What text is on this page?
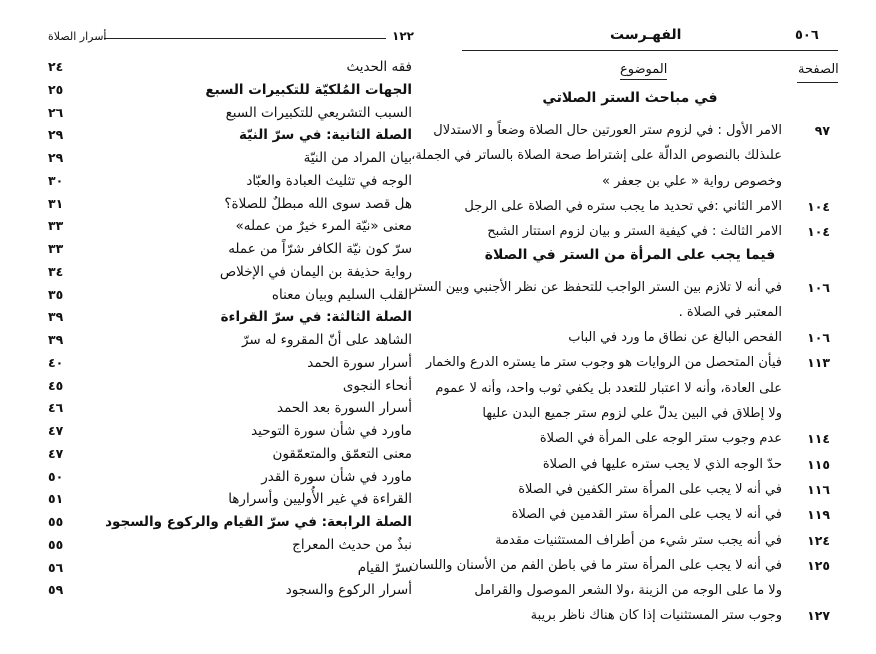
١٢٢
أسرار الصلاة
فقه الحديث
٢٤
الجهات المُلكيّة للتكبيرات السبع
٢٥
السبب التشريعي للتكبيرات السبع
٢٦
الصلة الثانية: في سرّ النيّة
٢٩
بيان المراد من النيّة
٢٩
الوجه في تثليث العبادة والعبّاد
٣٠
هل قصد سوى الله مبطلٌ للصلاة؟
٣١
معنى «نيّة المرء خيرٌ من عمله»
٣٣
سرّ كون نيّة الكافر شرّاً من عمله
٣٣
رواية حذيفة بن اليمان في الإخلاص
٣٤
القلب السليم وبيان معناه
٣٥
الصلة الثالثة: في سرّ القراءة
٣٩
الشاهد على أنّ المقروء له سرّ
٣٩
أسرار سورة الحمد
٤٠
أنحاء النجوى
٤٥
أسرار السورة بعد الحمد
٤٦
ماورد في شأن سورة التوحيد
٤٧
معنى التعمّق والمتعمّقون
٤٧
ماورد في شأن سورة القدر
٥٠
القراءة في غير الأُوليين وأسرارها
٥١
الصلة الرابعة: في سرّ القيام والركوع والسجود
٥٥
نبذٌ من حديث المعراج
٥٥
سرّ القيام
٥٦
أسرار الركوع والسجود
٥٩
٥٠٦
الفهـرست
الصفحة
الموضوع
في مباحث الستر الصلاتي
٩٧
الامر الأول : في لزوم ستر العورتين حال الصلاة وضعاً و الاستدلال
علىذلك بالنصوص الدالّة على إشتراط صحة الصلاة بالساتر في الجملة،
وخصوص رواية « علي بن جعفر »
١٠٤
الامر الثاني :في تحديد ما يجب ستره في الصلاة على الرجل
١٠٤
الامر الثالث : في كيفية الستر و بيان لزوم استتار الشبح
فيما يجب على المرأة من الستر في الصلاة
١٠٦
في أنه لا تلازم بين الستر الواجب للتحفظ عن نظر الأجنبي وبين الستر
المعتبر في الصلاة .
١٠٦
الفحص البالغ عن نطاق ما ورد في الباب
١١٣
فيأن المتحصل من الروايات هو وجوب ستر ما يستره الدرع والخمار
على العادة، وأنه لا اعتبار للتعدد بل يكفي ثوب واحد، وأنه لا عموم
ولا إطلاق في البين يدلّ علي لزوم ستر جميع البدن عليها
١١٤
عدم وجوب ستر الوجه على المرأة في الصلاة
١١٥
حدّ الوجه الذي لا يجب ستره عليها في الصلاة
١١٦
في أنه لا يجب على المرأة ستر الكفين في الصلاة
١١٩
في أنه لا يجب على المرأة ستر القدمين في الصلاة
١٢٤
في أنه يجب ستر شيء من أطراف المستثنيات مقدمة
١٢٥
في أنه لا يجب على المرأة ستر ما في باطن الفم من الأسنان واللسان
ولا ما على الوجه من الزينة ،ولا الشعر الموصول والقرامل
١٢٧
وجوب ستر المستثنيات إذا كان هناك ناظر بريبة
